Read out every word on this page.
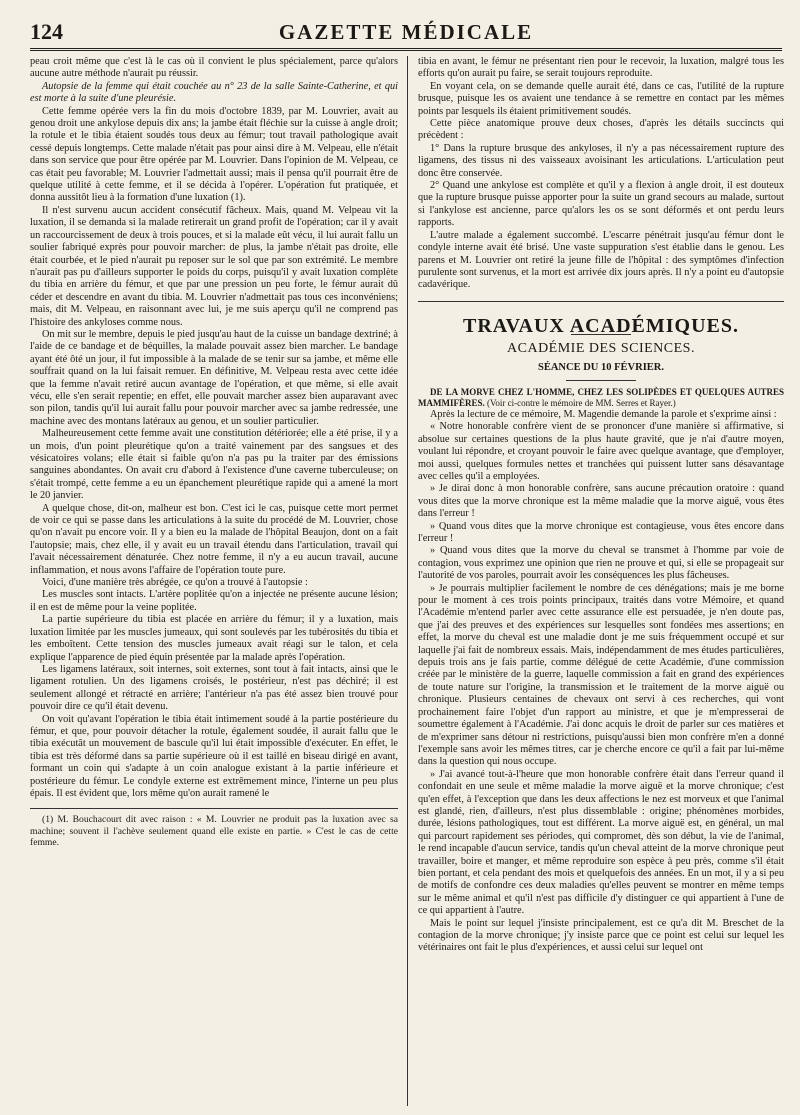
124	GAZETTE MÉDICALE

peau croit même que c'est là le cas où il convient le plus spécialement, parce qu'alors aucune autre méthode n'aurait pu réussir.

Autopsie de la femme qui était couchée au n° 23 de la salle Sainte-Catherine, et qui est morte à la suite d'une pleurésie.

Cette femme opérée vers la fin du mois d'octobre 1839, par M. Louvrier, avait au genou droit une ankylose depuis dix ans; la jambe était fléchie sur la cuisse à angle droit; la rotule et le tibia étaient soudés tous deux au fémur; tout travail pathologique avait cessé depuis longtemps. Cette malade n'était pas pour ainsi dire à M. Velpeau, elle n'était dans son service que pour être opérée par M. Louvrier. Dans l'opinion de M. Velpeau, ce cas était peu favorable; M. Louvrier l'admettait aussi; mais il pensa qu'il pourrait être de quelque utilité à cette femme, et il se décida à l'opérer. L'opération fut pratiquée, et donna aussitôt lieu à la formation d'une luxation (1).

Il n'est survenu aucun accident consécutif fâcheux. Mais, quand M. Velpeau vit la luxation, il se demanda si la malade retirerait un grand profit de l'opération; car il y avait un raccourcissement de deux à trois pouces, et si la malade eût vécu, il lui aurait fallu un soulier fabriqué exprès pour pouvoir marcher: de plus, la jambe n'était pas droite, elle était courbée, et le pied n'aurait pu reposer sur le sol que par son extrémité. Le membre n'aurait pas pu d'ailleurs supporter le poids du corps, puisqu'il y avait luxation complète du tibia en arrière du fémur, et que par une pression un peu forte, le fémur aurait dû céder et descendre en avant du tibia. M. Louvrier n'admettait pas tous ces inconvéniens; mais, dit M. Velpeau, en raisonnant avec lui, je me suis aperçu qu'il ne comprend pas l'histoire des ankyloses comme nous.

On mit sur le membre, depuis le pied jusqu'au haut de la cuisse un bandage dextriné; à l'aide de ce bandage et de béquilles, la malade pouvait assez bien marcher. Le bandage ayant été ôté un jour, il fut impossible à la malade de se tenir sur sa jambe, et même elle souffrait quand on la lui faisait remuer. En définitive, M. Velpeau resta avec cette idée que la femme n'avait retiré aucun avantage de l'opération, et que même, si elle avait vécu, elle s'en serait repentie; en effet, elle pouvait marcher assez bien auparavant avec son pilon, tandis qu'il lui aurait fallu pour pouvoir marcher avec sa jambe redressée, une machine avec des montans latéraux au genou, et un soulier particulier.

Malheureusement cette femme avait une constitution détériorée; elle a été prise, il y a un mois, d'un point pleurétique qu'on a traité vainement par des sangsues et des vésicatoires volans; elle était si faible qu'on n'a pas pu la traiter par des émissions sanguines abondantes. On avait cru d'abord à l'existence d'une caverne tuberculeuse; on s'était trompé, cette femme a eu un épanchement pleurétique rapide qui a amené la mort le 20 janvier.

A quelque chose, dit-on, malheur est bon. C'est ici le cas, puisque cette mort permet de voir ce qui se passe dans les articulations à la suite du procédé de M. Louvrier, chose qu'on n'avait pu encore voir. Il y a bien eu la malade de l'hôpital Beaujon, dont on a fait l'autopsie; mais, chez elle, il y avait eu un travail étendu dans l'articulation, travail qui l'avait nécessairement dénaturée. Chez notre femme, il n'y a eu aucun travail, aucune inflammation, et nous avons l'affaire de l'opération toute pure.

Voici, d'une manière très abrégée, ce qu'on a trouvé à l'autopsie :

Les muscles sont intacts. L'artère poplitée qu'on a injectée ne présente aucune lésion; il en est de même pour la veine poplitée.

La partie supérieure du tibia est placée en arrière du fémur; il y a luxation, mais luxation limitée par les muscles jumeaux, qui sont soulevés par les tubérosités du tibia et les emboîtent. Cette tension des muscles jumeaux avait réagi sur le talon, et cela explique l'apparence de pied équin présentée par la malade après l'opération.

Les ligamens latéraux, soit internes, soit externes, sont tout à fait intacts, ainsi que le ligament rotulien. Un des ligamens croisés, le postérieur, n'est pas déchiré; il est seulement allongé et rétracté en arrière; l'antérieur n'a pas été assez bien trouvé pour pouvoir dire ce qu'il était devenu.

On voit qu'avant l'opération le tibia était intimement soudé à la partie postérieure du fémur, et que, pour pouvoir détacher la rotule, également soudée, il aurait fallu que le tibia exécutât un mouvement de bascule qu'il lui était impossible d'exécuter. En effet, le tibia est très déformé dans sa partie supérieure où il est taillé en biseau dirigé en avant, formant un coin qui s'adapte à un coin analogue existant à la partie inférieure et postérieure du fémur. Le condyle externe est extrêmement mince, l'interne un peu plus épais. Il est évident que, lors même qu'on aurait ramené le

(1) M. Bouchacourt dit avec raison : « M. Louvrier ne produit pas la luxation avec sa machine; souvent il l'achève seulement quand elle existe en partie. » C'est le cas de cette femme.

tibia en avant, le fémur ne présentant rien pour le recevoir, la luxation, malgré tous les efforts qu'on aurait pu faire, se serait toujours reproduite.

En voyant cela, on se demande quelle aurait été, dans ce cas, l'utilité de la rupture brusque, puisque les os avaient une tendance à se remettre en contact par les mêmes points par lesquels ils étaient primitivement soudés.

Cette pièce anatomique prouve deux choses, d'après les détails succincts qui précèdent :

1° Dans la rupture brusque des ankyloses, il n'y a pas nécessairement rupture des ligamens, des tissus ni des vaisseaux avoisinant les articulations. L'articulation peut donc être conservée.

2° Quand une ankylose est complète et qu'il y a flexion à angle droit, il est douteux que la rupture brusque puisse apporter pour la suite un grand secours au malade, surtout si l'ankylose est ancienne, parce qu'alors les os se sont déformés et ont perdu leurs rapports.

L'autre malade a également succombé. L'escarre pénétrait jusqu'au fémur dont le condyle interne avait été brisé. Une vaste suppuration s'est établie dans le genou. Les parens et M. Louvrier ont retiré la jeune fille de l'hôpital : des symptômes d'infection purulente sont survenus, et la mort est arrivée dix jours après. Il n'y a point eu d'autopsie cadavérique.

TRAVAUX ACADÉMIQUES.
ACADÉMIE DES SCIENCES.
SÉANCE DU 10 FÉVRIER.

DE LA MORVE CHEZ L'HOMME, CHEZ LES SOLIPÈDES ET QUELQUES AUTRES MAMMIFÈRES. (Voir ci-contre le mémoire de MM. Serres et Rayer.)

Après la lecture de ce mémoire, M. Magendie demande la parole et s'exprime ainsi :

« Notre honorable confrère vient de se prononcer d'une manière si affirmative, si absolue sur certaines questions de la plus haute gravité, que je n'ai d'autre moyen, voulant lui répondre, et croyant pouvoir le faire avec quelque avantage, que d'employer, moi aussi, quelques formules nettes et tranchées qui puissent lutter sans désavantage avec celles qu'il a employées.

» Je dirai donc à mon honorable confrère, sans aucune précaution oratoire : quand vous dites que la morve chronique est la même maladie que la morve aiguë, vous êtes dans l'erreur !

» Quand vous dites que la morve chronique est contagieuse, vous êtes encore dans l'erreur !

» Quand vous dites que la morve du cheval se transmet à l'homme par voie de contagion, vous exprimez une opinion que rien ne prouve et qui, si elle se propageait sur l'autorité de vos paroles, pourrait avoir les conséquences les plus fâcheuses.

» Je pourrais multiplier facilement le nombre de ces dénégations; mais je me borne pour le moment à ces trois points principaux, traités dans votre Mémoire, et quand l'Académie m'entend parler avec cette assurance elle est persuadée, je n'en doute pas, que j'ai des preuves et des expériences sur lesquelles sont fondées mes assertions; en effet, la morve du cheval est une maladie dont je me suis fréquemment occupé et sur laquelle j'ai fait de nombreux essais. Mais, indépendamment de mes études particulières, depuis trois ans je fais partie, comme délégué de cette Académie, d'une commission créée par le ministère de la guerre, laquelle commission a fait en grand des expériences de toute nature sur l'origine, la transmission et le traitement de la morve aiguë ou chronique. Plusieurs centaines de chevaux ont servi à ces recherches, qui vont prochainement faire l'objet d'un rapport au ministre, et que je m'empresserai de soumettre également à l'Académie. J'ai donc acquis le droit de parler sur ces matières et de m'exprimer sans détour ni restrictions, puisqu'aussi bien mon confrère m'en a donné l'exemple sans avoir les mêmes titres, car je cherche encore ce qu'il a fait par lui-même dans la question qui nous occupe.

» J'ai avancé tout-à-l'heure que mon honorable confrère était dans l'erreur quand il confondait en une seule et même maladie la morve aiguë et la morve chronique; c'est qu'en effet, à l'exception que dans les deux affections le nez est morveux et que l'animal est glandé, rien, d'ailleurs, n'est plus dissemblable : origine; phénomènes morbides, durée, lésions pathologiques, tout est différent. La morve aiguë est, en général, un mal qui parcourt rapidement ses périodes, qui compromet, dès son début, la vie de l'animal, le rend incapable d'aucun service, tandis qu'un cheval atteint de la morve chronique peut travailler, boire et manger, et même reproduire son espèce à peu près, comme s'il était bien portant, et cela pendant des mois et quelquefois des années. En un mot, il y a si peu de motifs de confondre ces deux maladies qu'elles peuvent se montrer en même temps sur le même animal et qu'il n'est pas difficile d'y distinguer ce qui appartient à l'une de ce qui appartient à l'autre.

Mais le point sur lequel j'insiste principalement, est ce qu'a dit M. Breschet de la contagion de la morve chronique; j'y insiste parce que ce point est celui sur lequel les vétérinaires ont fait le plus d'expériences, et aussi celui sur lequel ont
